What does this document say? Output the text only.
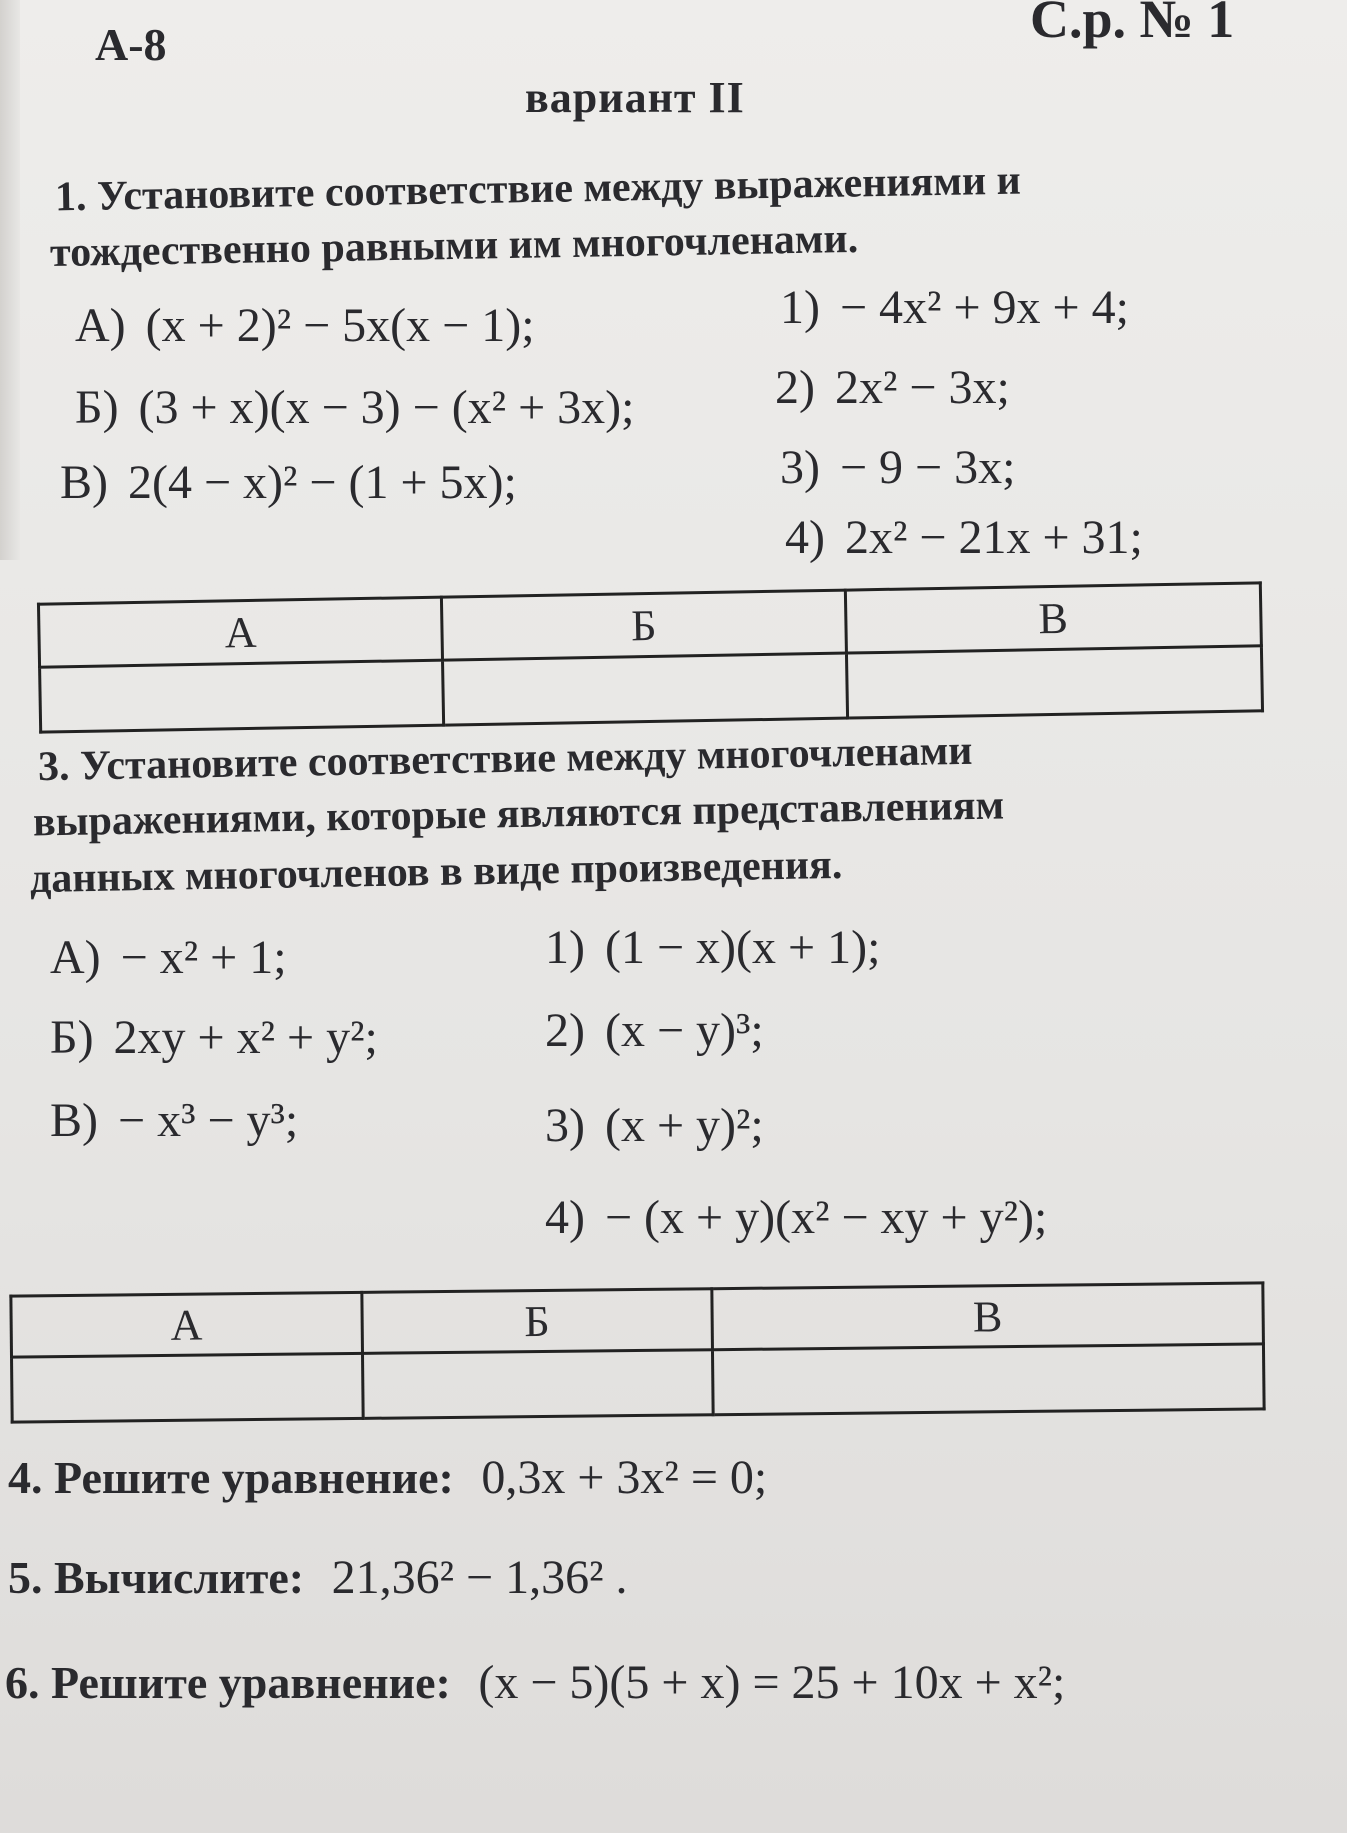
А-8	С.р. № 1
вариант II
1. Установите соответствие между выражениями и
тождественно равными им многочленами.
А) (x + 2)² − 5x(x − 1);
Б) (3 + x)(x − 3) − (x² + 3x);
В) 2(4 − x)² − (1 + 5x);
1) − 4x² + 9x + 4;
2) 2x² − 3x;
3) − 9 − 3x;
4) 2x² − 21x + 31;
А	Б	В

3. Установите соответствие между многочленами
выражениями, которые являются представлениям
данных многочленов в виде произведения.
А) − x² + 1;
Б) 2xy + x² + y²;
В) − x³ − y³;
1) (1 − x)(x + 1);
2) (x − y)³;
3) (x + y)²;
4) − (x + y)(x² − xy + y²);
А	Б	В

4. Решите уравнение: 0,3x + 3x² = 0;
5. Вычислите: 21,36² − 1,36² .
6. Решите уравнение: (x − 5)(5 + x) = 25 + 10x + x²;
